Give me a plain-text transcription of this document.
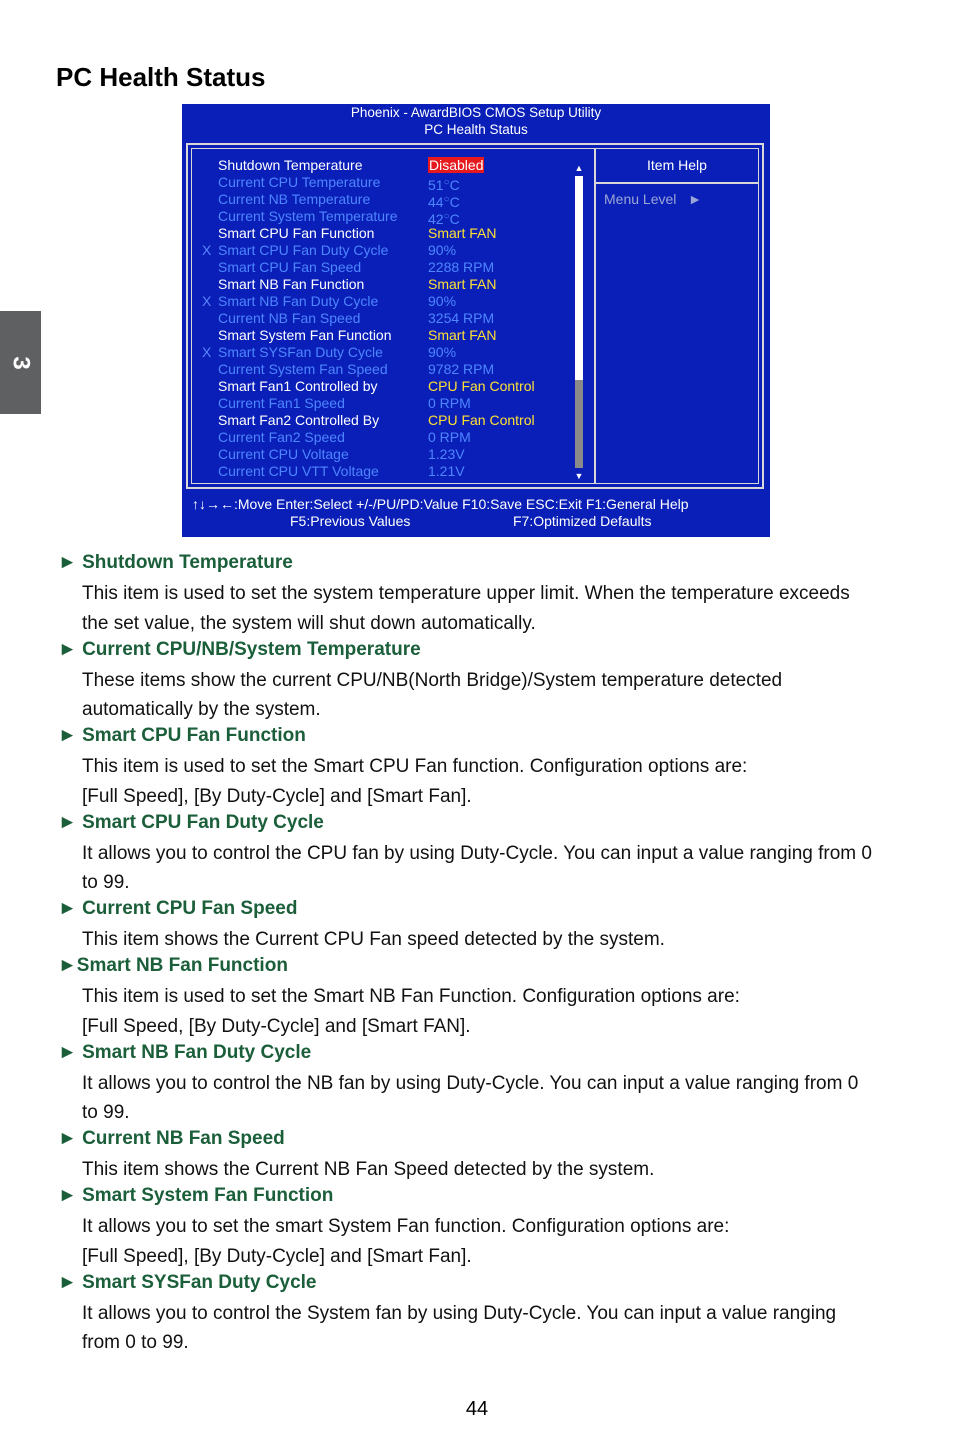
3
PC Health Status
Phoenix - AwardBIOS CMOS Setup Utility
PC Health Status
Shutdown Temperature	Disabled
Current CPU Temperature	51○C
Current NB Temperature	44○C
Current System Temperature 42○C
Smart CPU Fan Function	Smart FAN
X Smart CPU Fan Duty Cycle	90%
Smart CPU Fan Speed	2288 RPM
Smart NB Fan Function	Smart FAN
X Smart NB Fan Duty Cycle	90%
Current NB Fan Speed	3254 RPM
Smart System Fan Function	Smart FAN
X Smart SYSFan Duty Cycle	90%
Current System Fan Speed	9782 RPM
Smart Fan1 Controlled by	CPU Fan Control
Current Fan1 Speed	0 RPM
Smart Fan2 Controlled By	CPU Fan Control
Current Fan2 Speed	0 RPM
Current CPU Voltage	1.23V
Current CPU VTT Voltage	1.21V
▲
▼
Item Help
Menu Level ►
↑↓→←:Move Enter:Select +/-/PU/PD:Value F10:Save ESC:Exit F1:General Help
F5:Previous Values	F7:Optimized Defaults
► Shutdown Temperature
This item is used to set the system temperature upper limit. When the temperature exceeds
the set value, the system will shut down automatically.
► Current CPU/NB/System Temperature
These items show the current CPU/NB(North Bridge)/System temperature detected
automatically by the system.
► Smart CPU Fan Function
This item is used to set the Smart CPU Fan function. Configuration options are:
[Full Speed], [By Duty-Cycle] and [Smart Fan].
► Smart CPU Fan Duty Cycle
It allows you to control the CPU fan by using Duty-Cycle. You can input a value ranging from 0
to 99.
► Current CPU Fan Speed
This item shows the Current CPU Fan speed detected by the system.
►Smart NB Fan Function
This item is used to set the Smart NB Fan Function. Configuration options are:
[Full Speed, [By Duty-Cycle] and [Smart FAN].
► Smart NB Fan Duty Cycle
It allows you to control the NB fan by using Duty-Cycle. You can input a value ranging from 0
to 99.
► Current NB Fan Speed
This item shows the Current NB Fan Speed detected by the system.
► Smart System Fan Function
It allows you to set the smart System Fan function. Configuration options are:
[Full Speed], [By Duty-Cycle] and [Smart Fan].
► Smart SYSFan Duty Cycle
It allows you to control the System fan by using Duty-Cycle. You can input a value ranging
from 0 to 99.
44
